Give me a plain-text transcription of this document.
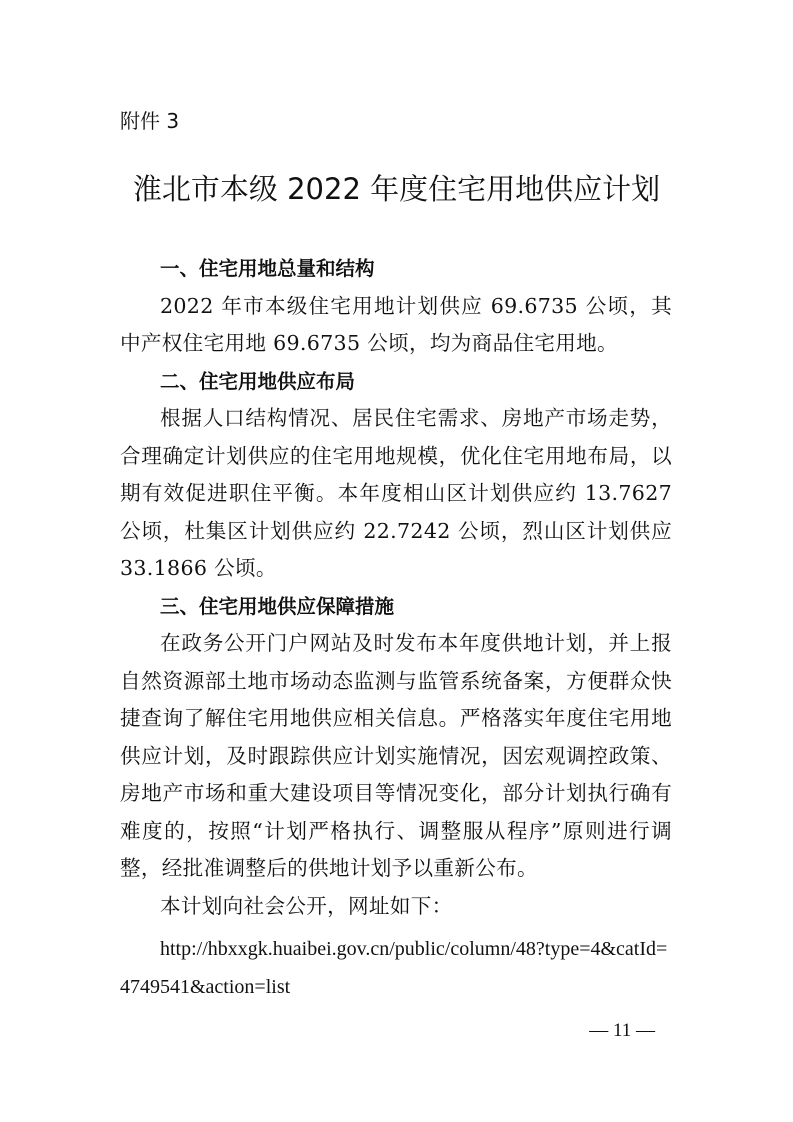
附件 3

淮北市本级 2022 年度住宅用地供应计划
一、住宅用地总量和结构

2022 年市本级住宅用地计划供应 69.6735 公顷，其中产权住宅用地 69.6735 公顷，均为商品住宅用地。

二、住宅用地供应布局

根据人口结构情况、居民住宅需求、房地产市场走势，合理确定计划供应的住宅用地规模，优化住宅用地布局，以期有效促进职住平衡。本年度相山区计划供应约 13.7627 公顷，杜集区计划供应约 22.7242 公顷，烈山区计划供应 33.1866 公顷。

三、住宅用地供应保障措施

在政务公开门户网站及时发布本年度供地计划，并上报自然资源部土地市场动态监测与监管系统备案，方便群众快捷查询了解住宅用地供应相关信息。严格落实年度住宅用地供应计划，及时跟踪供应计划实施情况，因宏观调控政策、房地产市场和重大建设项目等情况变化，部分计划执行确有难度的，按照“计划严格执行、调整服从程序”原则进行调整，经批准调整后的供地计划予以重新公布。

本计划向社会公开，网址如下：

http://hbxxgk.huaibei.gov.cn/public/column/48?type=4&catId=4749541&action=list

— 11 —
